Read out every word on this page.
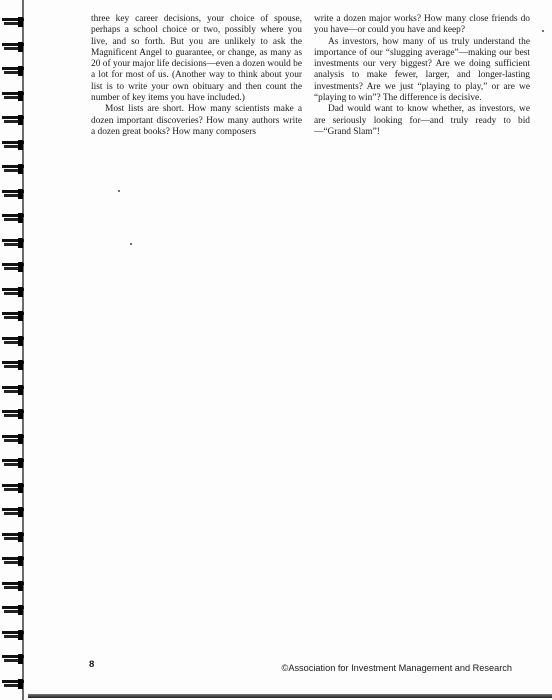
three key career decisions, your choice of spouse, perhaps a school choice or two, possibly where you live, and so forth. But you are unlikely to ask the Magnificent Angel to guarantee, or change, as many as 20 of your major life decisions—even a dozen would be a lot for most of us. (Another way to think about your list is to write your own obituary and then count the number of key items you have included.)

Most lists are short. How many scientists make a dozen important discoveries? How many authors write a dozen great books? How many composers

write a dozen major works? How many close friends do you have—or could you have and keep?

As investors, how many of us truly understand the importance of our “slugging average”—making our best investments our very biggest? Are we doing sufficient analysis to make fewer, larger, and longer-lasting investments? Are we just “playing to play,” or are we “playing to win”? The difference is decisive.

Dad would want to know whether, as investors, we are seriously looking for—and truly ready to bid—“Grand Slam”!

8	©Association for Investment Management and Research
